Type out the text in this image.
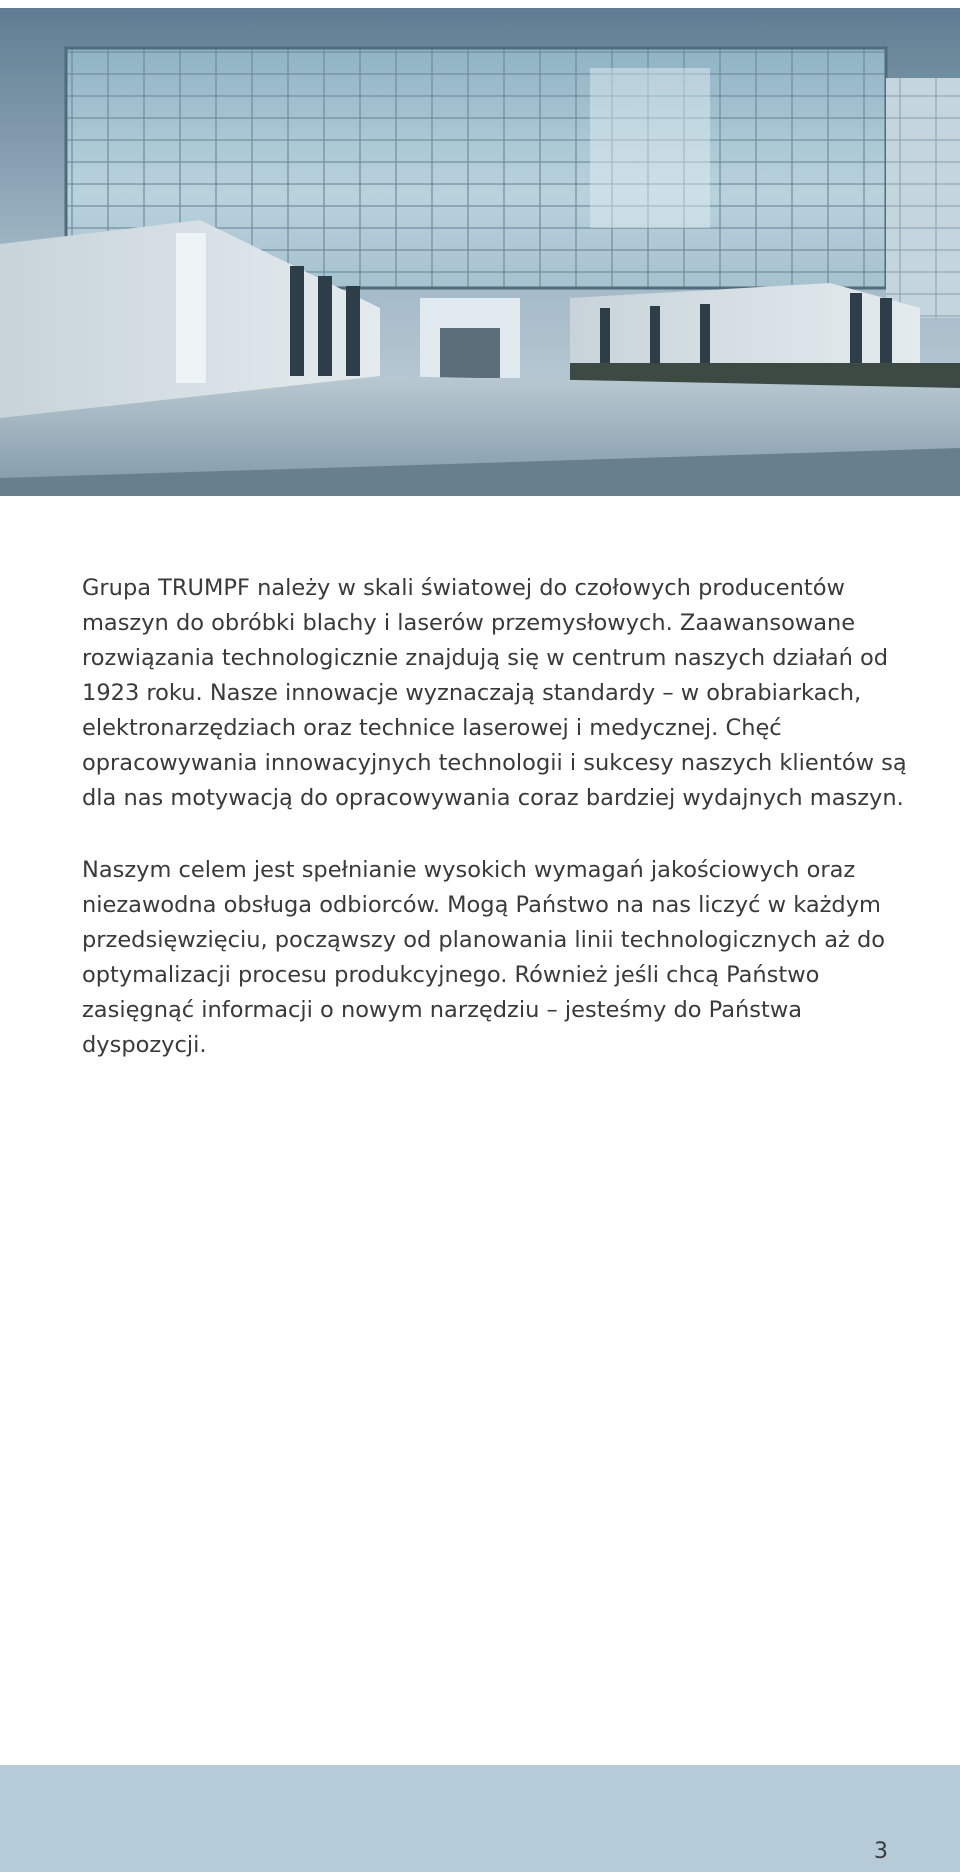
Grupa TRUMPF należy w skali światowej do czołowych producentów maszyn do obróbki blachy i laserów przemysłowych. Zaawansowane rozwiązania technologicznie znajdują się w centrum naszych działań od 1923 roku. Nasze innowacje wyznaczają standardy – w obrabiarkach, elektronarzędziach oraz technice laserowej i medycznej. Chęć opracowywania innowacyjnych technologii i sukcesy naszych klientów są dla nas motywacją do opracowywania coraz bardziej wydajnych maszyn.

Naszym celem jest spełnianie wysokich wymagań jakościowych oraz niezawodna obsługa odbiorców. Mogą Państwo na nas liczyć w każdym przedsięwzięciu, począwszy od planowania linii technologicznych aż do optymalizacji procesu produkcyjnego. Również jeśli chcą Państwo zasięgnąć informacji o nowym narzędziu – jesteśmy do Państwa dyspozycji.

3
